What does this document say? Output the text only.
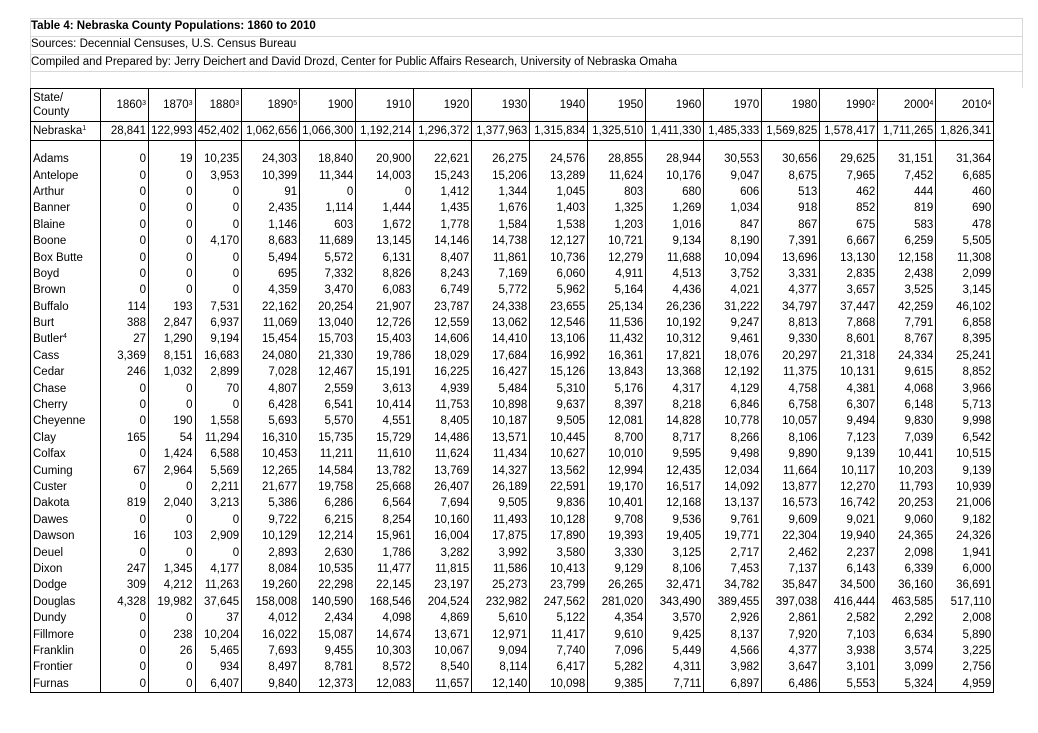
Table 4: Nebraska County Populations: 1860 to 2010
Sources: Decennial Censuses, U.S. Census Bureau
Compiled and Prepared by: Jerry Deichert and David Drozd, Center for Public Affairs Research, University of Nebraska Omaha
State/ County	1860$^3$	1870$^3$	1880$^3$	1890$^5$	1900	1910	1920	1930	1940	1950	1960	1970	1980	1990$^2$	2000$^4$	2010$^4$
Nebraska$^1$	28,841	122,993	452,402	1,062,656	1,066,300	1,192,214	1,296,372	1,377,963	1,315,834	1,325,510	1,411,330	1,485,333	1,569,825	1,578,417	1,711,265	1,826,341

Adams	0	19	10,235	24,303	18,840	20,900	22,621	26,275	24,576	28,855	28,944	30,553	30,656	29,625	31,151	31,364
Antelope	0	0	3,953	10,399	11,344	14,003	15,243	15,206	13,289	11,624	10,176	9,047	8,675	7,965	7,452	6,685
Arthur	0	0	0	91	0	0	1,412	1,344	1,045	803	680	606	513	462	444	460
Banner	0	0	0	2,435	1,114	1,444	1,435	1,676	1,403	1,325	1,269	1,034	918	852	819	690
Blaine	0	0	0	1,146	603	1,672	1,778	1,584	1,538	1,203	1,016	847	867	675	583	478
Boone	0	0	4,170	8,683	11,689	13,145	14,146	14,738	12,127	10,721	9,134	8,190	7,391	6,667	6,259	5,505
Box Butte	0	0	0	5,494	5,572	6,131	8,407	11,861	10,736	12,279	11,688	10,094	13,696	13,130	12,158	11,308
Boyd	0	0	0	695	7,332	8,826	8,243	7,169	6,060	4,911	4,513	3,752	3,331	2,835	2,438	2,099
Brown	0	0	0	4,359	3,470	6,083	6,749	5,772	5,962	5,164	4,436	4,021	4,377	3,657	3,525	3,145
Buffalo	114	193	7,531	22,162	20,254	21,907	23,787	24,338	23,655	25,134	26,236	31,222	34,797	37,447	42,259	46,102
Burt	388	2,847	6,937	11,069	13,040	12,726	12,559	13,062	12,546	11,536	10,192	9,247	8,813	7,868	7,791	6,858
Butler$^4$	27	1,290	9,194	15,454	15,703	15,403	14,606	14,410	13,106	11,432	10,312	9,461	9,330	8,601	8,767	8,395
Cass	3,369	8,151	16,683	24,080	21,330	19,786	18,029	17,684	16,992	16,361	17,821	18,076	20,297	21,318	24,334	25,241
Cedar	246	1,032	2,899	7,028	12,467	15,191	16,225	16,427	15,126	13,843	13,368	12,192	11,375	10,131	9,615	8,852
Chase	0	0	70	4,807	2,559	3,613	4,939	5,484	5,310	5,176	4,317	4,129	4,758	4,381	4,068	3,966
Cherry	0	0	0	6,428	6,541	10,414	11,753	10,898	9,637	8,397	8,218	6,846	6,758	6,307	6,148	5,713
Cheyenne	0	190	1,558	5,693	5,570	4,551	8,405	10,187	9,505	12,081	14,828	10,778	10,057	9,494	9,830	9,998
Clay	165	54	11,294	16,310	15,735	15,729	14,486	13,571	10,445	8,700	8,717	8,266	8,106	7,123	7,039	6,542
Colfax	0	1,424	6,588	10,453	11,211	11,610	11,624	11,434	10,627	10,010	9,595	9,498	9,890	9,139	10,441	10,515
Cuming	67	2,964	5,569	12,265	14,584	13,782	13,769	14,327	13,562	12,994	12,435	12,034	11,664	10,117	10,203	9,139
Custer	0	0	2,211	21,677	19,758	25,668	26,407	26,189	22,591	19,170	16,517	14,092	13,877	12,270	11,793	10,939
Dakota	819	2,040	3,213	5,386	6,286	6,564	7,694	9,505	9,836	10,401	12,168	13,137	16,573	16,742	20,253	21,006
Dawes	0	0	0	9,722	6,215	8,254	10,160	11,493	10,128	9,708	9,536	9,761	9,609	9,021	9,060	9,182
Dawson	16	103	2,909	10,129	12,214	15,961	16,004	17,875	17,890	19,393	19,405	19,771	22,304	19,940	24,365	24,326
Deuel	0	0	0	2,893	2,630	1,786	3,282	3,992	3,580	3,330	3,125	2,717	2,462	2,237	2,098	1,941
Dixon	247	1,345	4,177	8,084	10,535	11,477	11,815	11,586	10,413	9,129	8,106	7,453	7,137	6,143	6,339	6,000
Dodge	309	4,212	11,263	19,260	22,298	22,145	23,197	25,273	23,799	26,265	32,471	34,782	35,847	34,500	36,160	36,691
Douglas	4,328	19,982	37,645	158,008	140,590	168,546	204,524	232,982	247,562	281,020	343,490	389,455	397,038	416,444	463,585	517,110
Dundy	0	0	37	4,012	2,434	4,098	4,869	5,610	5,122	4,354	3,570	2,926	2,861	2,582	2,292	2,008
Fillmore	0	238	10,204	16,022	15,087	14,674	13,671	12,971	11,417	9,610	9,425	8,137	7,920	7,103	6,634	5,890
Franklin	0	26	5,465	7,693	9,455	10,303	10,067	9,094	7,740	7,096	5,449	4,566	4,377	3,938	3,574	3,225
Frontier	0	0	934	8,497	8,781	8,572	8,540	8,114	6,417	5,282	4,311	3,982	3,647	3,101	3,099	2,756
Furnas	0	0	6,407	9,840	12,373	12,083	11,657	12,140	10,098	9,385	7,711	6,897	6,486	5,553	5,324	4,959
